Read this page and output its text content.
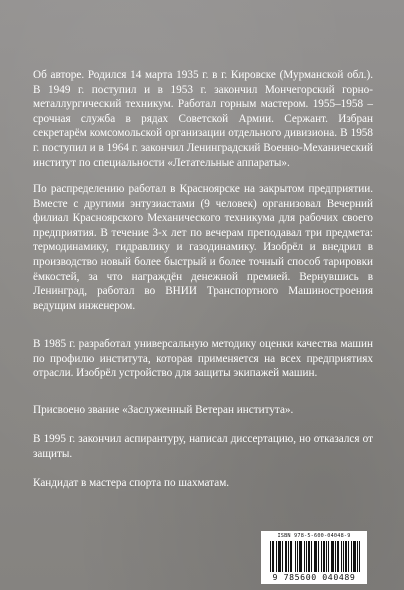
Об авторе. Родился 14 марта 1935 г. в г. Кировске (Мурманской обл.). В 1949 г. поступил и в 1953 г. закончил Мончегорский горно-металлургический техникум. Работал горным мастером. 1955–1958 – срочная служба в рядах Советской Армии. Сержант. Избран секретарём комсомольской организации отдельного дивизиона. В 1958 г. поступил и в 1964 г. закончил Ленинградский Военно-Механический институт по специальности «Летательные аппараты».

По распределению работал в Красноярске на закрытом предприятии. Вместе с другими энтузиастами (9 человек) организовал Вечерний филиал Красноярского Механического техникума для рабочих своего предприятия. В течение 3-х лет по вечерам преподавал три предмета: термодинамику, гидравлику и газодинамику. Изобрёл и внедрил в производство новый более быстрый и более точный способ тарировки ёмкостей, за что награждён денежной премией. Вернувшись в Ленинград, работал во ВНИИ Транспортного Машиностроения ведущим инженером.

В 1985 г. разработал универсальную методику оценки качества машин по профилю института, которая применяется на всех предприятиях отрасли. Изобрёл устройство для защиты экипажей машин.

Присвоено звание «Заслуженный Ветеран института».

В 1995 г. закончил аспирантуру, написал диссертацию, но отказался от защиты.

Кандидат в мастера спорта по шахматам.

ISBN 978-5-600-04048-9
9 785600 040489
